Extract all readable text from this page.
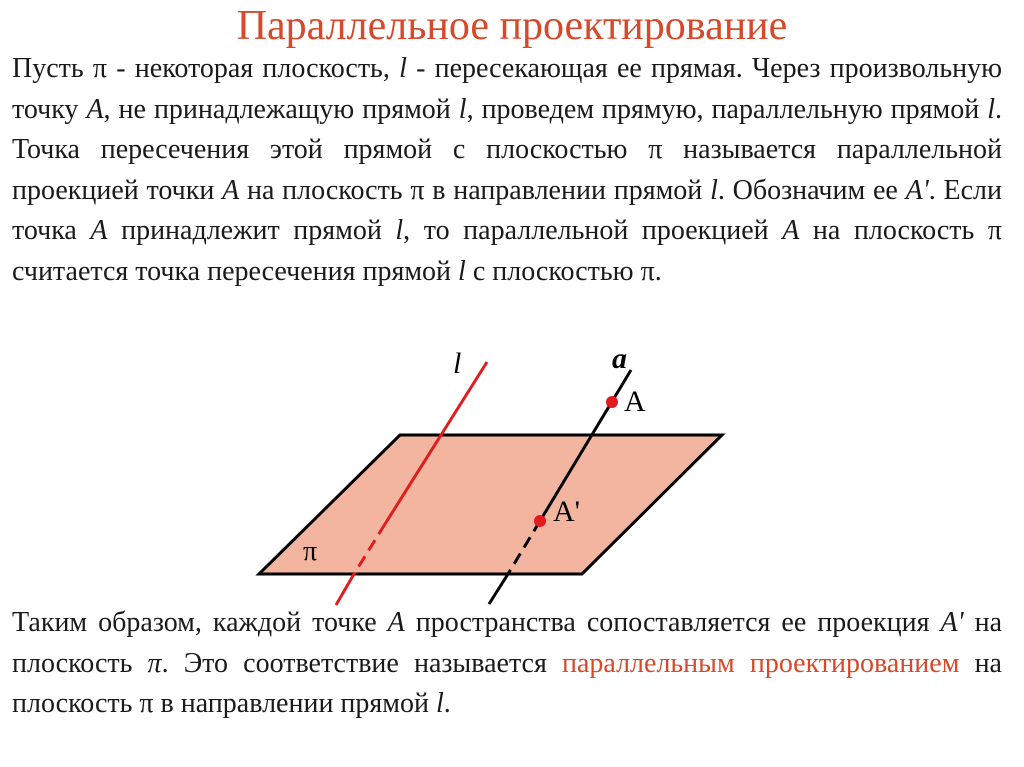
Параллельное проектирование
Пусть π - некоторая плоскость, l - пересекающая ее прямая. Через произвольную точку A, не принадлежащую прямой l, проведем прямую, параллельную прямой l. Точка пересечения этой прямой с плоскостью π называется параллельной проекцией точки A на плоскость π в направлении прямой l. Обозначим ее A'. Если точка A принадлежит прямой l, то параллельной проекцией A на плоскость π считается точка пересечения прямой l с плоскостью π.
l	a
A
A'
π
Таким образом, каждой точке A пространства сопоставляется ее проекция A' на плоскость π. Это соответствие называется параллельным проектированием на плоскость π в направлении прямой l.
